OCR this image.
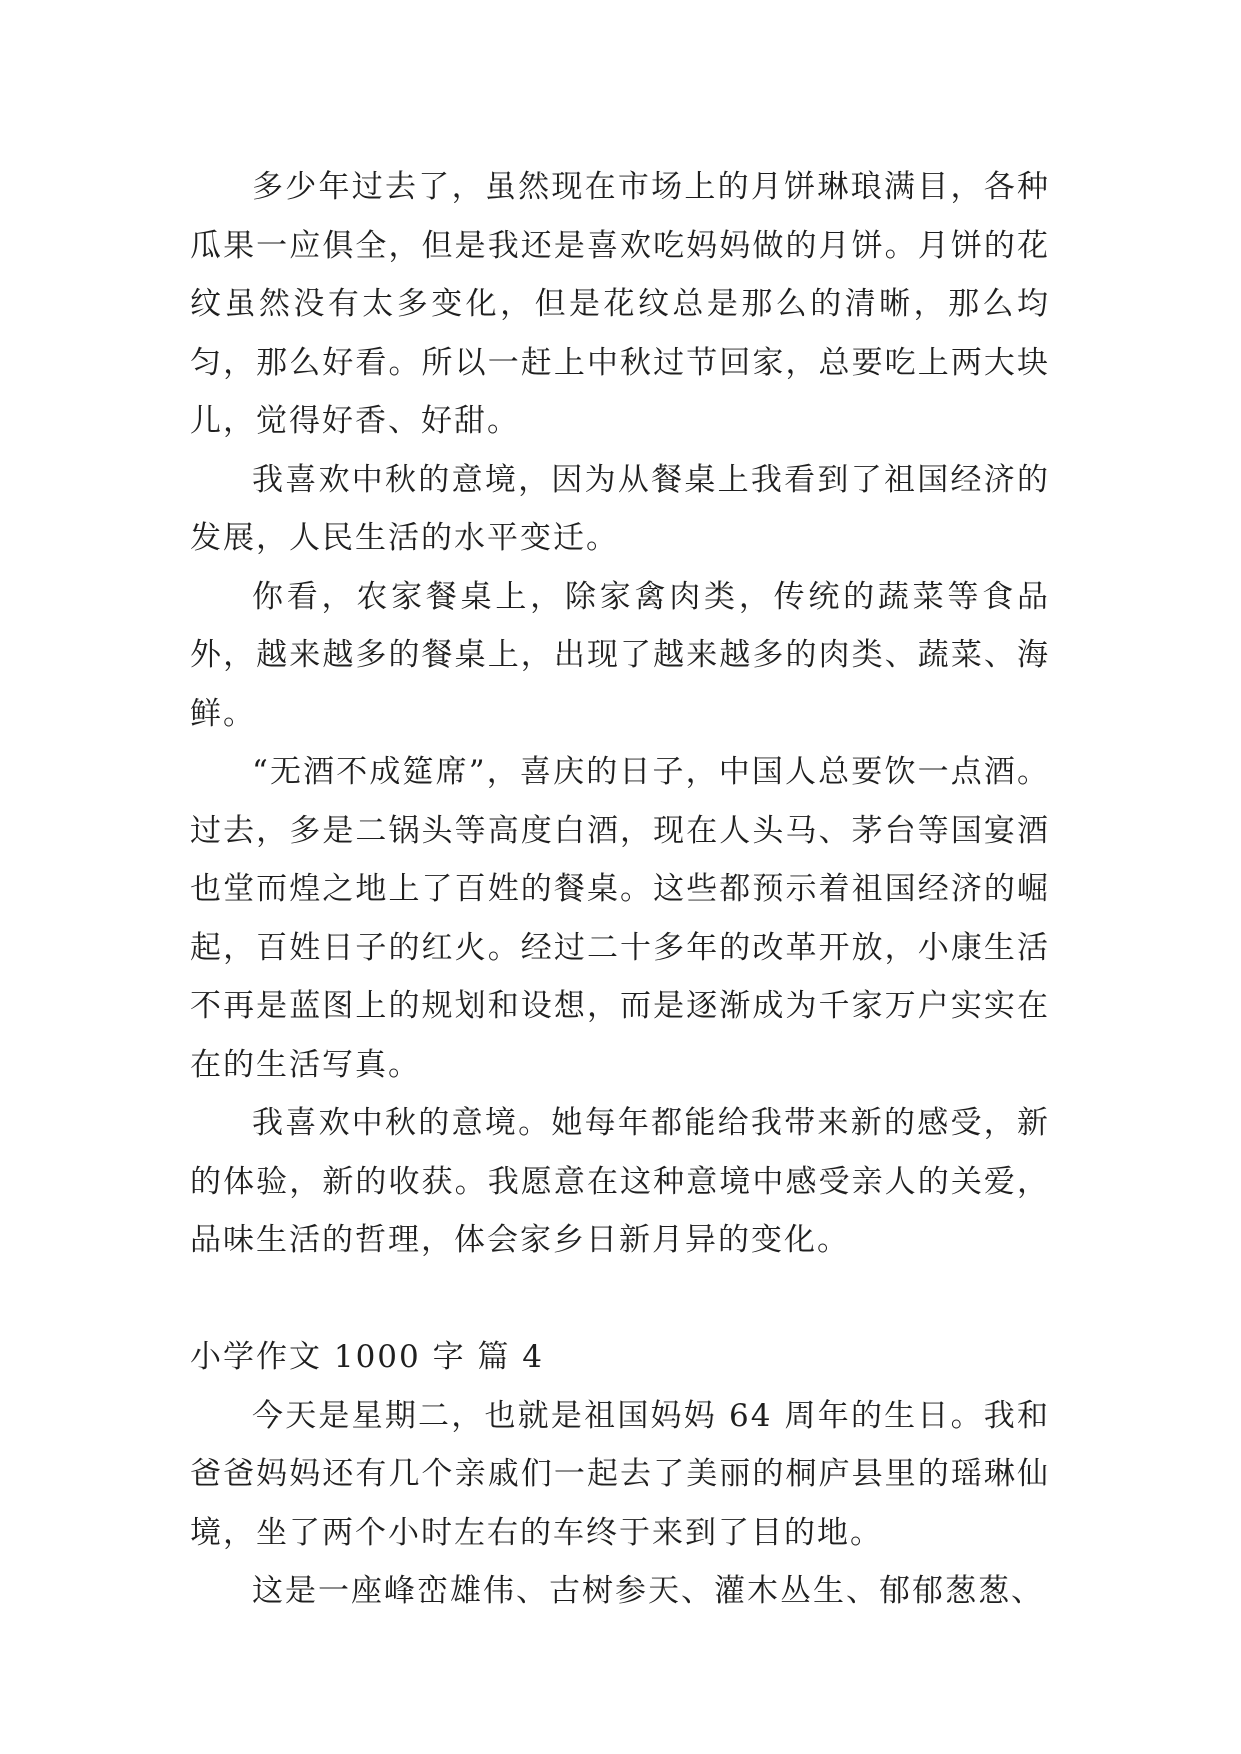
多少年过去了，虽然现在市场上的月饼琳琅满目，各种瓜果一应俱全，但是我还是喜欢吃妈妈做的月饼。月饼的花纹虽然没有太多变化，但是花纹总是那么的清晰，那么均匀，那么好看。所以一赶上中秋过节回家，总要吃上两大块儿，觉得好香、好甜。

我喜欢中秋的意境，因为从餐桌上我看到了祖国经济的发展，人民生活的水平变迁。

你看，农家餐桌上，除家禽肉类，传统的蔬菜等食品外，越来越多的餐桌上，出现了越来越多的肉类、蔬菜、海鲜。

“无酒不成筵席”，喜庆的日子，中国人总要饮一点酒。过去，多是二锅头等高度白酒，现在人头马、茅台等国宴酒也堂而煌之地上了百姓的餐桌。这些都预示着祖国经济的崛起，百姓日子的红火。经过二十多年的改革开放，小康生活不再是蓝图上的规划和设想，而是逐渐成为千家万户实实在在的生活写真。

我喜欢中秋的意境。她每年都能给我带来新的感受，新的体验，新的收获。我愿意在这种意境中感受亲人的关爱，品味生活的哲理，体会家乡日新月异的变化。

小学作文 1000 字 篇 4

今天是星期二，也就是祖国妈妈 64 周年的生日。我和爸爸妈妈还有几个亲戚们一起去了美丽的桐庐县里的瑶琳仙境，坐了两个小时左右的车终于来到了目的地。

这是一座峰峦雄伟、古树参天、灌木丛生、郁郁葱葱、
